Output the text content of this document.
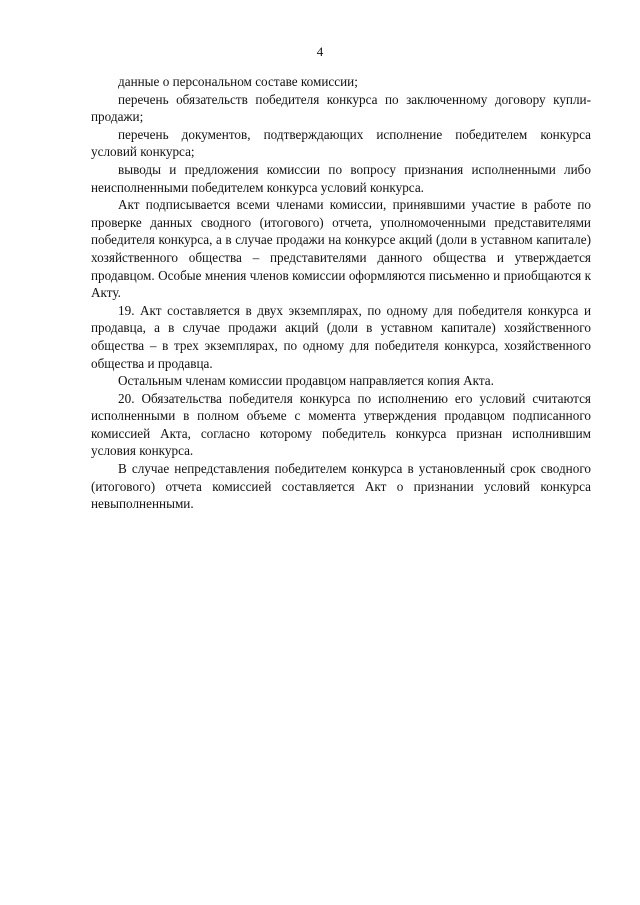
4

данные о персональном составе комиссии;

перечень обязательств победителя конкурса по заключенному договору купли-продажи;

перечень документов, подтверждающих исполнение победителем конкурса условий конкурса;

выводы и предложения комиссии по вопросу признания исполненными либо неисполненными победителем конкурса условий конкурса.

Акт подписывается всеми членами комиссии, принявшими участие в работе по проверке данных сводного (итогового) отчета, уполномоченными представителями победителя конкурса, а в случае продажи на конкурсе акций (доли в уставном капитале) хозяйственного общества – представителями данного общества и утверждается продавцом. Особые мнения членов комиссии оформляются письменно и приобщаются к Акту.

19. Акт составляется в двух экземплярах, по одному для победителя конкурса и продавца, а в случае продажи акций (доли в уставном капитале) хозяйственного общества – в трех экземплярах, по одному для победителя конкурса, хозяйственного общества и продавца.

Остальным членам комиссии продавцом направляется копия Акта.

20. Обязательства победителя конкурса по исполнению его условий считаются исполненными в полном объеме с момента утверждения продавцом подписанного комиссией Акта, согласно которому победитель конкурса признан исполнившим условия конкурса.

В случае непредставления победителем конкурса в установленный срок сводного (итогового) отчета комиссией составляется Акт о признании условий конкурса невыполненными.
